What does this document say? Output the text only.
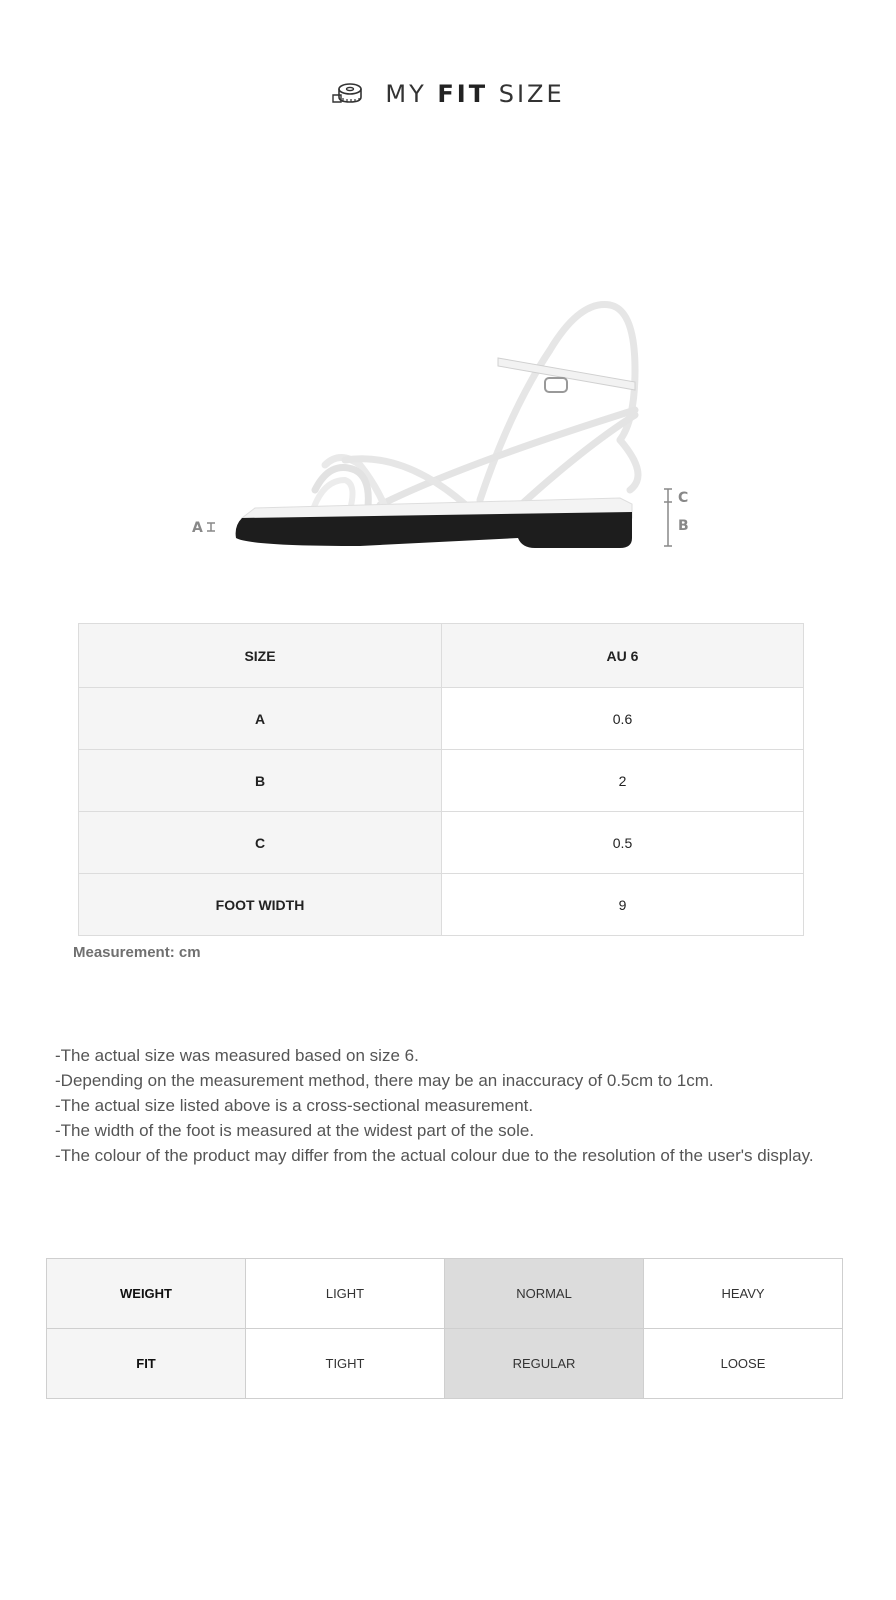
MY FIT SIZE
A
C
B
SIZE	AU 6
A	0.6
B	2
C	0.5
FOOT WIDTH	9
Measurement: cm

-The actual size was measured based on size 6.

-Depending on the measurement method, there may be an inaccuracy of 0.5cm to 1cm.

-The actual size listed above is a cross-sectional measurement.

-The width of the foot is measured at the widest part of the sole.

-The colour of the product may differ from the actual colour due to the resolution of the user's display.

WEIGHT	LIGHT	NORMAL	HEAVY
FIT	TIGHT	REGULAR	LOOSE
